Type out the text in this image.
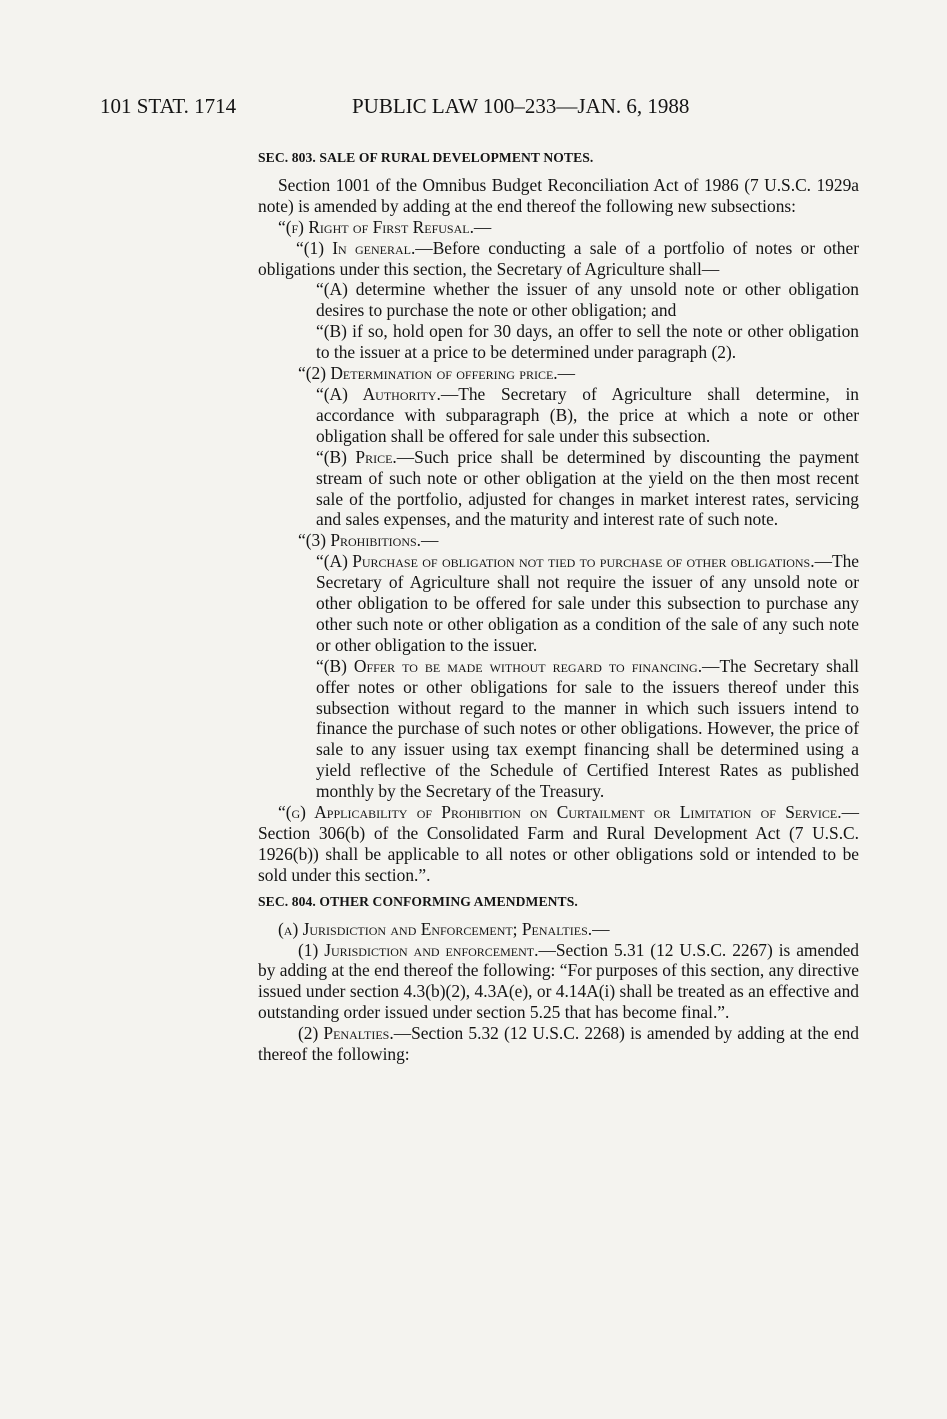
101 STAT. 1714	PUBLIC LAW 100–233—JAN. 6, 1988

SEC. 803. SALE OF RURAL DEVELOPMENT NOTES.

Section 1001 of the Omnibus Budget Reconciliation Act of 1986 (7 U.S.C. 1929a note) is amended by adding at the end thereof the following new subsections:

“(f) Right of First Refusal.—

“(1) In general.—Before conducting a sale of a portfolio of notes or other obligations under this section, the Secretary of Agriculture shall—

“(A) determine whether the issuer of any unsold note or other obligation desires to purchase the note or other obligation; and

“(B) if so, hold open for 30 days, an offer to sell the note or other obligation to the issuer at a price to be determined under paragraph (2).

“(2) Determination of offering price.—

“(A) Authority.—The Secretary of Agriculture shall determine, in accordance with subparagraph (B), the price at which a note or other obligation shall be offered for sale under this subsection.

“(B) Price.—Such price shall be determined by discounting the payment stream of such note or other obligation at the yield on the then most recent sale of the portfolio, adjusted for changes in market interest rates, servicing and sales expenses, and the maturity and interest rate of such note.

“(3) Prohibitions.—

“(A) Purchase of obligation not tied to purchase of other obligations.—The Secretary of Agriculture shall not require the issuer of any unsold note or other obligation to be offered for sale under this subsection to purchase any other such note or other obligation as a condition of the sale of any such note or other obligation to the issuer.

“(B) Offer to be made without regard to financing.—The Secretary shall offer notes or other obligations for sale to the issuers thereof under this subsection without regard to the manner in which such issuers intend to finance the purchase of such notes or other obligations. However, the price of sale to any issuer using tax exempt financing shall be determined using a yield reflective of the Schedule of Certified Interest Rates as published monthly by the Secretary of the Treasury.

“(g) Applicability of Prohibition on Curtailment or Limitation of Service.—Section 306(b) of the Consolidated Farm and Rural Development Act (7 U.S.C. 1926(b)) shall be applicable to all notes or other obligations sold or intended to be sold under this section.”.

SEC. 804. OTHER CONFORMING AMENDMENTS.

(a) Jurisdiction and Enforcement; Penalties.—

(1) Jurisdiction and enforcement.—Section 5.31 (12 U.S.C. 2267) is amended by adding at the end thereof the following: “For purposes of this section, any directive issued under section 4.3(b)(2), 4.3A(e), or 4.14A(i) shall be treated as an effective and outstanding order issued under section 5.25 that has become final.”.

(2) Penalties.—Section 5.32 (12 U.S.C. 2268) is amended by adding at the end thereof the following:
